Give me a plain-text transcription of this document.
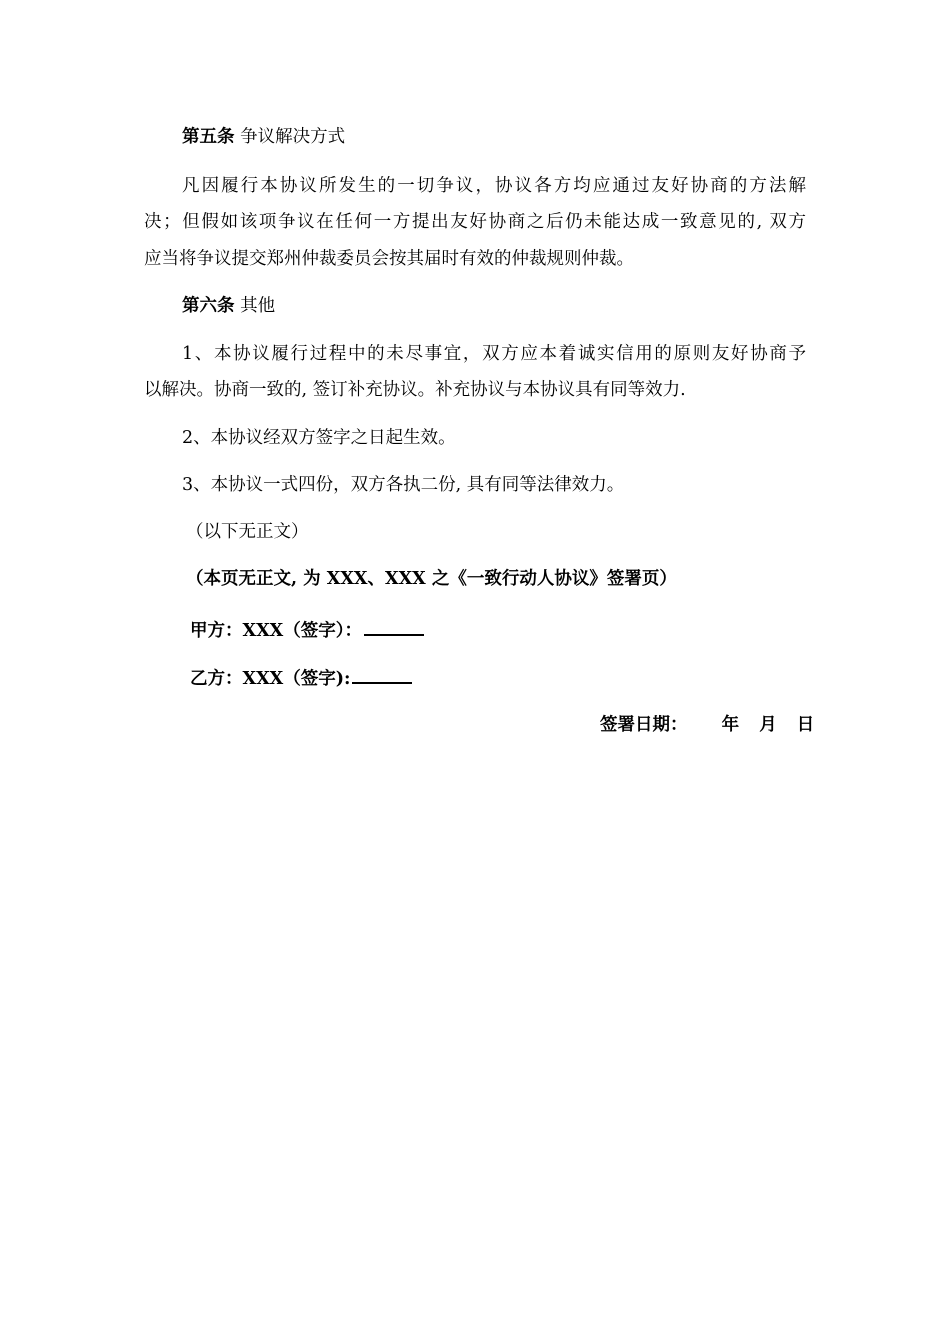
第五条 争议解决方式
凡因履行本协议所发生的一切争议，协议各方均应通过友好协商的方法解
决；但假如该项争议在任何一方提出友好协商之后仍未能达成一致意见的, 双方
应当将争议提交郑州仲裁委员会按其届时有效的仲裁规则仲裁。
第六条 其他
1、本协议履行过程中的未尽事宜，双方应本着诚实信用的原则友好协商予
以解决。协商一致的, 签订补充协议。补充协议与本协议具有同等效力.
2、本协议经双方签字之日起生效。
3、本协议一式四份，双方各执二份, 具有同等法律效力。
（以下无正文）
（本页无正文, 为 XXX、XXX 之《一致行动人协议》签署页）
甲方：XXX（签字）：
乙方：XXX（签字):
签署日期： 年 月 日
